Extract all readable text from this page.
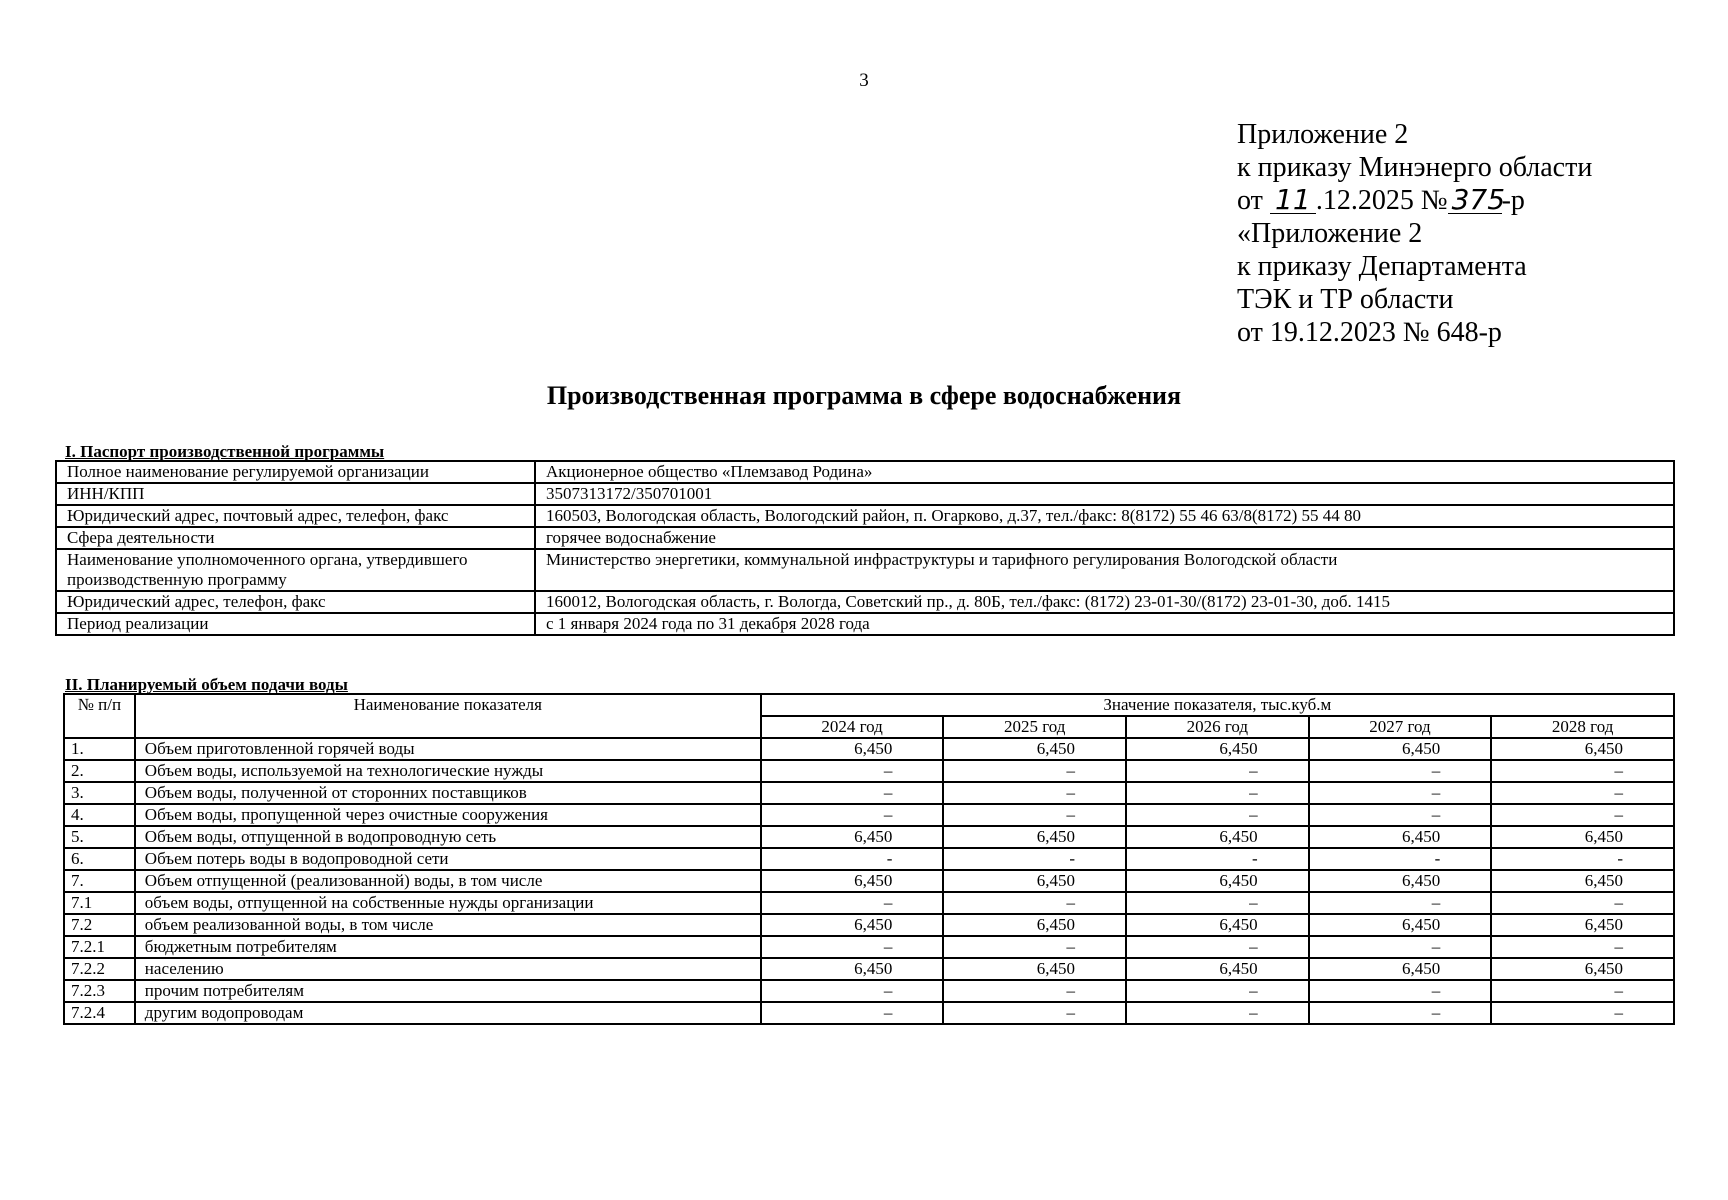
3
Приложение 2
к приказу Минэнерго области
от 11 .12.2025 № 375-р
«Приложение 2
к приказу Департамента
ТЭК и ТР области
от 19.12.2023 № 648-р
Производственная программа в сфере водоснабжения
I. Паспорт производственной программы
Полное наименование регулируемой организации	Акционерное общество «Племзавод Родина»
ИНН/КПП	3507313172/350701001
Юридический адрес, почтовый адрес, телефон, факс	160503, Вологодская область, Вологодский район, п. Огарково, д.37, тел./факс: 8(8172) 55 46 63/8(8172) 55 44 80
Сфера деятельности	горячее водоснабжение
Наименование уполномоченного органа, утвердившего производственную программу	Министерство энергетики, коммунальной инфраструктуры и тарифного регулирования Вологодской области
Юридический адрес, телефон, факс	160012, Вологодская область, г. Вологда, Советский пр., д. 80Б, тел./факс: (8172) 23-01-30/(8172) 23-01-30, доб. 1415
Период реализации	с 1 января 2024 года по 31 декабря 2028 года
II. Планируемый объем подачи воды
№ п/п	Наименование показателя	Значение показателя, тыс.куб.м				
		2024 год	2025 год	2026 год	2027 год	2028 год
1.	Объем приготовленной горячей воды	6,450	6,450	6,450	6,450	6,450
2.	Объем воды, используемой на технологические нужды	–	–	–	–	–
3.	Объем воды, полученной от сторонних поставщиков	–	–	–	–	–
4.	Объем воды, пропущенной через очистные сооружения	–	–	–	–	–
5.	Объем воды, отпущенной в водопроводную сеть	6,450	6,450	6,450	6,450	6,450
6.	Объем потерь воды в водопроводной сети	-	-	-	-	-
7.	Объем отпущенной (реализованной) воды, в том числе	6,450	6,450	6,450	6,450	6,450
7.1	объем воды, отпущенной на собственные нужды организации	–	–	–	–	–
7.2	объем реализованной воды, в том числе	6,450	6,450	6,450	6,450	6,450
7.2.1	бюджетным потребителям	–	–	–	–	–
7.2.2	населению	6,450	6,450	6,450	6,450	6,450
7.2.3	прочим потребителям	–	–	–	–	–
7.2.4	другим водопроводам	–	–	–	–	–
